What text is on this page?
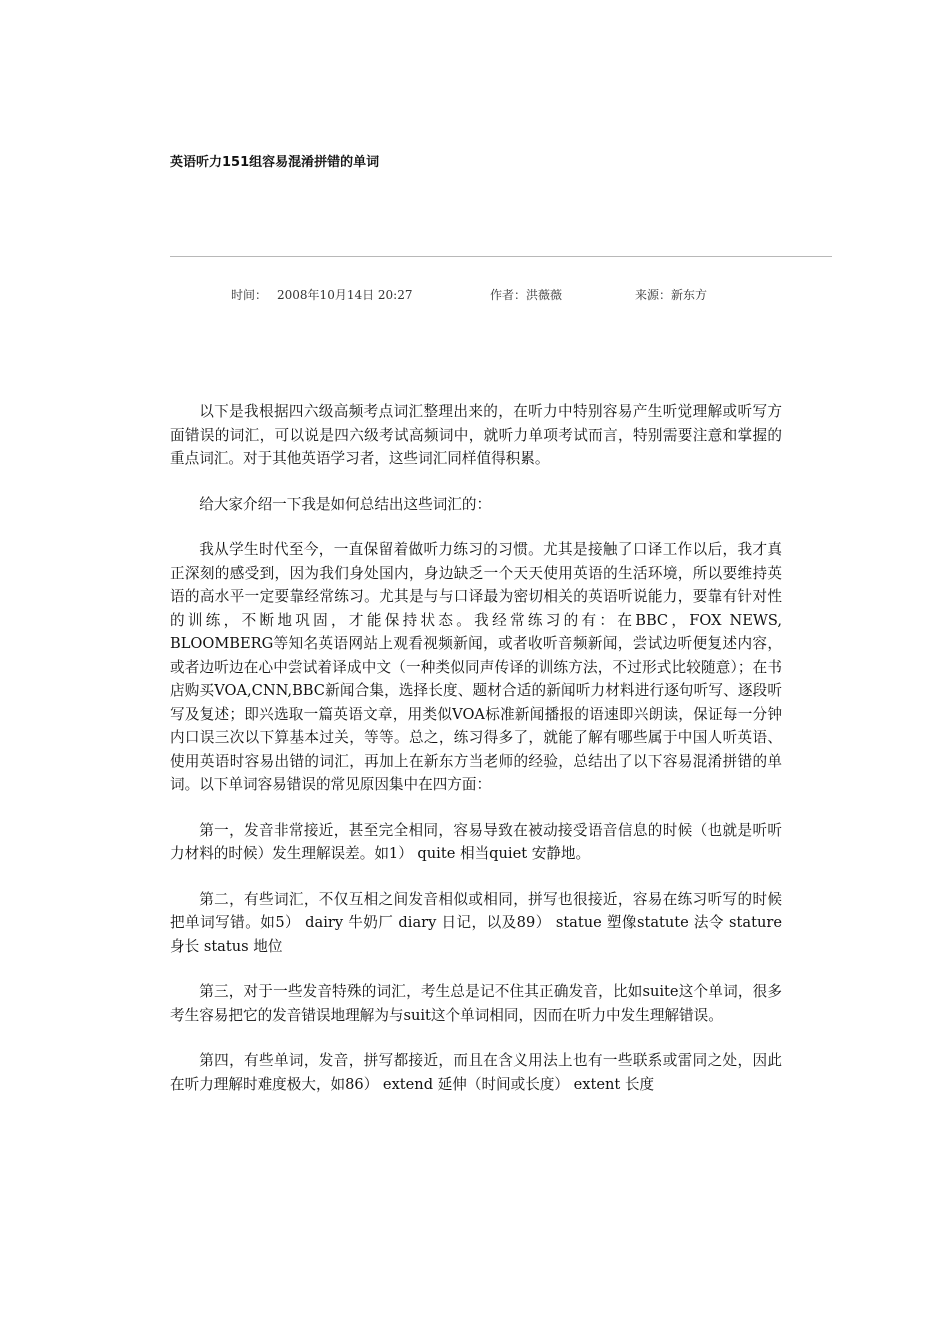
英语听力151组容易混淆拼错的单词
时间： 2008年10月14日 20:27	作者：洪薇薇	来源：新东方

以下是我根据四六级高频考点词汇整理出来的，在听力中特别容易产生听觉理解或听写方面错误的词汇，可以说是四六级考试高频词中，就听力单项考试而言，特别需要注意和掌握的重点词汇。对于其他英语学习者，这些词汇同样值得积累。

给大家介绍一下我是如何总结出这些词汇的：

我从学生时代至今，一直保留着做听力练习的习惯。尤其是接触了口译工作以后，我才真正深刻的感受到，因为我们身处国内，身边缺乏一个天天使用英语的生活环境，所以要维持英语的高水平一定要靠经常练习。尤其是与与口译最为密切相关的英语听说能力，要靠有针对性的训练，不断地巩固，才能保持状态。我经常练习的有：在BBC，FOX NEWS, BLOOMBERG等知名英语网站上观看视频新闻，或者收听音频新闻，尝试边听便复述内容，或者边听边在心中尝试着译成中文（一种类似同声传译的训练方法，不过形式比较随意）；在书店购买VOA,CNN,BBC新闻合集，选择长度、题材合适的新闻听力材料进行逐句听写、逐段听写及复述；即兴选取一篇英语文章，用类似VOA标准新闻播报的语速即兴朗读，保证每一分钟内口误三次以下算基本过关，等等。总之，练习得多了，就能了解有哪些属于中国人听英语、使用英语时容易出错的词汇，再加上在新东方当老师的经验，总结出了以下容易混淆拼错的单词。以下单词容易错误的常见原因集中在四方面：

第一，发音非常接近，甚至完全相同，容易导致在被动接受语音信息的时候（也就是听听力材料的时候）发生理解误差。如1） quite 相当quiet 安静地。

第二，有些词汇，不仅互相之间发音相似或相同，拼写也很接近，容易在练习听写的时候把单词写错。如5） dairy 牛奶厂 diary 日记，以及89） statue 塑像statute 法令 stature 身长 status 地位

第三，对于一些发音特殊的词汇，考生总是记不住其正确发音，比如suite这个单词，很多考生容易把它的发音错误地理解为与suit这个单词相同，因而在听力中发生理解错误。

第四，有些单词，发音，拼写都接近，而且在含义用法上也有一些联系或雷同之处，因此在听力理解时难度极大，如86） extend 延伸（时间或长度） extent 长度
